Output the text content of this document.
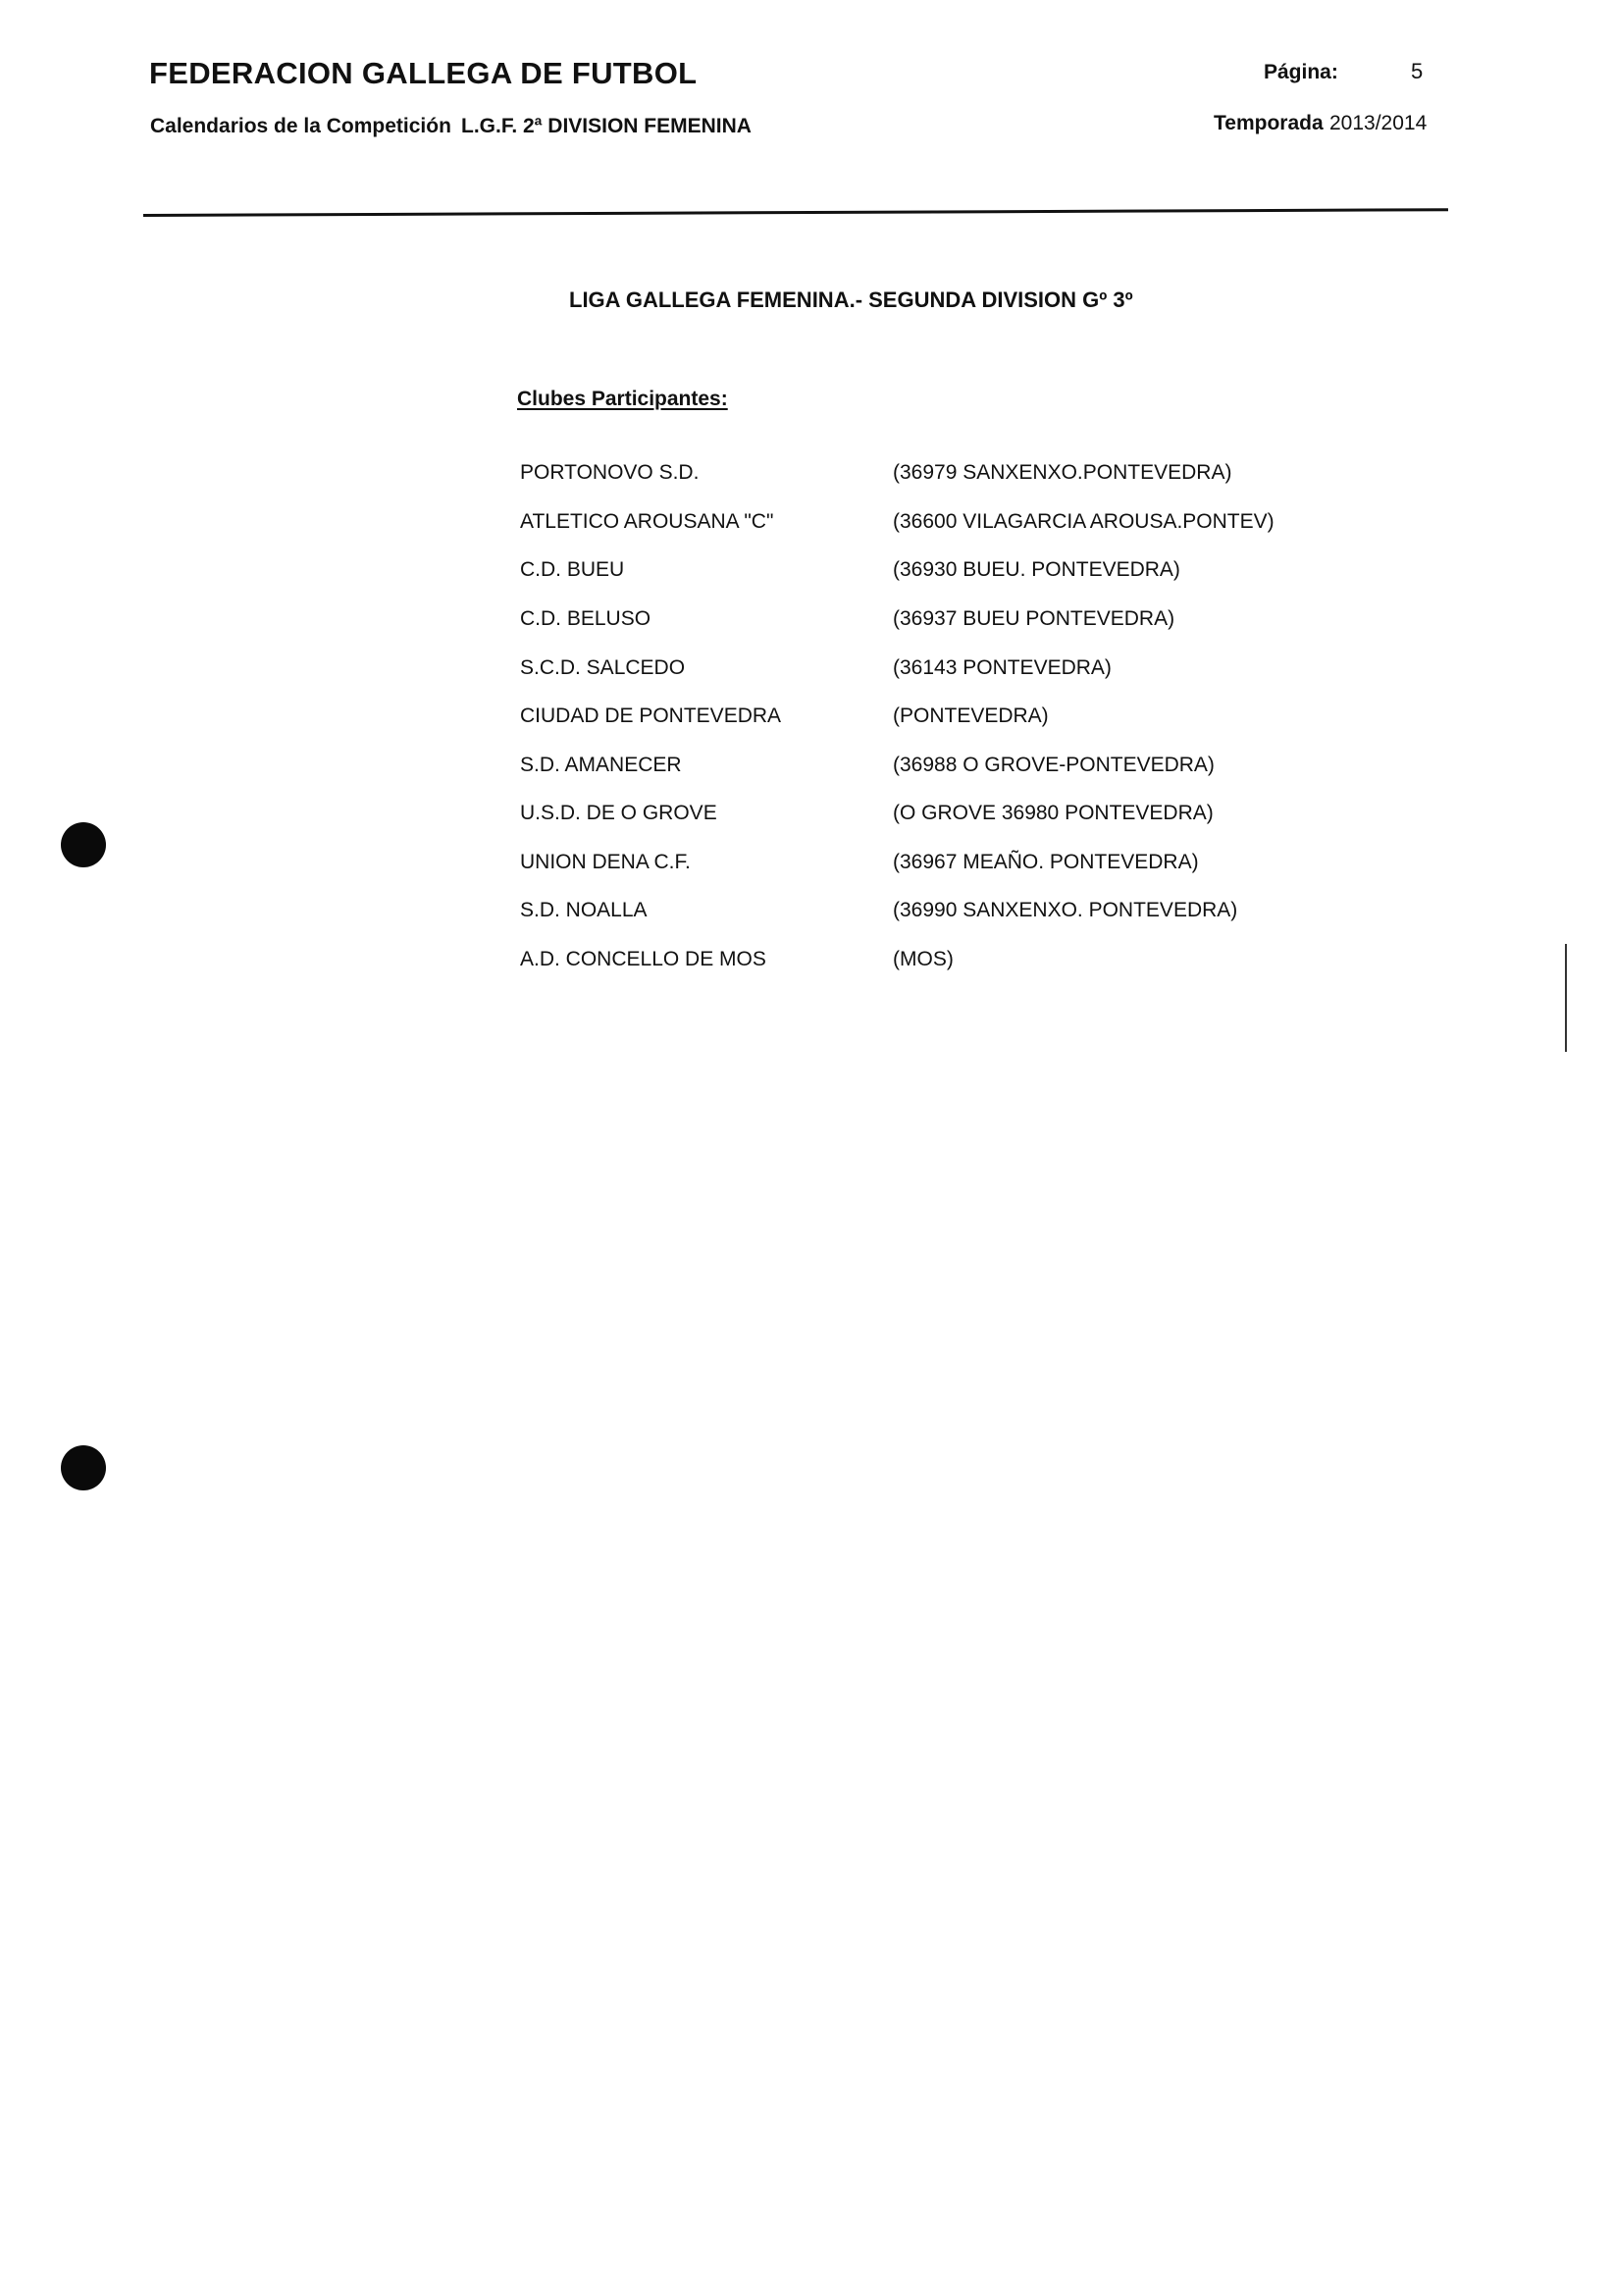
FEDERACION GALLEGA DE FUTBOL	Página:	5
Calendarios de la Competición L.G.F. 2ª DIVISION FEMENINA	Temporada 2013/2014
LIGA GALLEGA FEMENINA.- SEGUNDA DIVISION Gº 3º
Clubes Participantes:
PORTONOVO S.D.	(36979 SANXENXO.PONTEVEDRA)
ATLETICO AROUSANA "C"	(36600 VILAGARCIA AROUSA.PONTEV)
C.D. BUEU	(36930 BUEU. PONTEVEDRA)
C.D. BELUSO	(36937 BUEU PONTEVEDRA)
S.C.D. SALCEDO	(36143 PONTEVEDRA)
CIUDAD DE PONTEVEDRA	(PONTEVEDRA)
S.D. AMANECER	(36988 O GROVE-PONTEVEDRA)
U.S.D. DE O GROVE	(O GROVE 36980 PONTEVEDRA)
UNION DENA C.F.	(36967 MEAÑO. PONTEVEDRA)
S.D. NOALLA	(36990 SANXENXO. PONTEVEDRA)
A.D. CONCELLO DE MOS	(MOS)
